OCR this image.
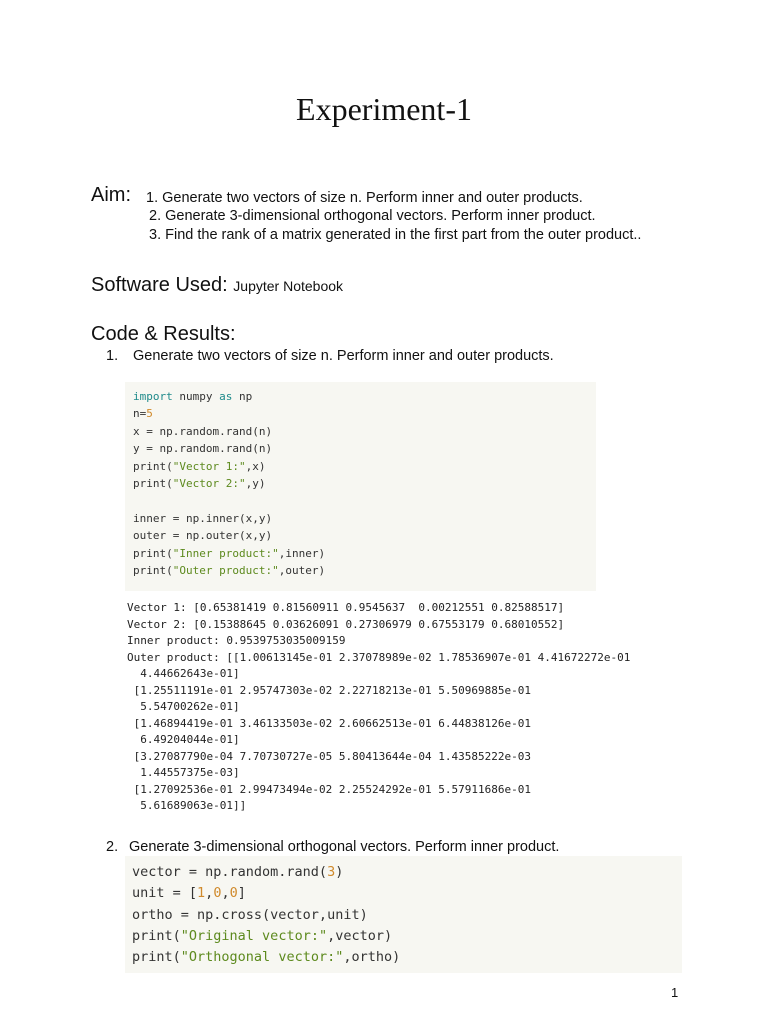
Experiment-1
Aim: 1. Generate two vectors of size n. Perform inner and outer products.
2. Generate 3-dimensional orthogonal vectors. Perform inner product.
3. Find the rank of a matrix generated in the first part from the outer product..
Software Used: Jupyter Notebook
Code & Results:
1. Generate two vectors of size n. Perform inner and outer products.
import numpy as np
n=5
x = np.random.rand(n)
y = np.random.rand(n)
print("Vector 1:",x)
print("Vector 2:",y)
inner = np.inner(x,y)
outer = np.outer(x,y)
print("Inner product:",inner)
print("Outer product:",outer)
Vector 1: [0.65381419 0.81560911 0.9545637  0.00212551 0.82588517]
Vector 2: [0.15388645 0.03626091 0.27306979 0.67553179 0.68010552]
Inner product: 0.9539753035009159
Outer product: [[1.00613145e-01 2.37078989e-02 1.78536907e-01 4.41672272e-01
4.44662643e-01]
[1.25511191e-01 2.95747303e-02 2.22718213e-01 5.50969885e-01
5.54700262e-01]
[1.46894419e-01 3.46133503e-02 2.60662513e-01 6.44838126e-01
6.49204044e-01]
[3.27087790e-04 7.70730727e-05 5.80413644e-04 1.43585222e-03
1.44557375e-03]
[1.27092536e-01 2.99473494e-02 2.25524292e-01 5.57911686e-01
5.61689063e-01]]
2. Generate 3-dimensional orthogonal vectors. Perform inner product.
vector = np.random.rand(3)
unit = [1,0,0]
ortho = np.cross(vector,unit)
print("Original vector:",vector)
print("Orthogonal vector:",ortho)
1
